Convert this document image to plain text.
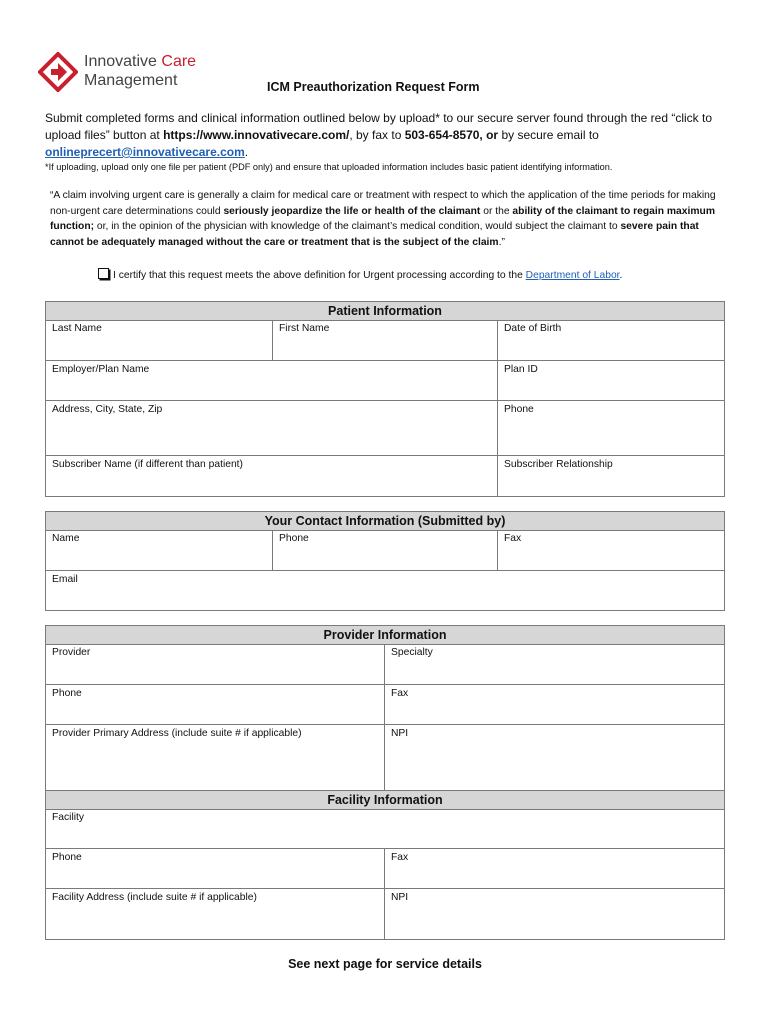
Innovative Care
Management	ICM Preauthorization Request Form
Submit completed forms and clinical information outlined below by upload* to our secure server found through the red “click to upload files” button at https://www.innovativecare.com/, by fax to 503-654-8570, or by secure email to onlineprecert@innovativecare.com.
*If uploading, upload only one file per patient (PDF only) and ensure that uploaded information includes basic patient identifying information.
“A claim involving urgent care is generally a claim for medical care or treatment with respect to which the application of the time periods for making non-urgent care determinations could seriously jeopardize the life or health of the claimant or the ability of the claimant to regain maximum function; or, in the opinion of the physician with knowledge of the claimant’s medical condition, would subject the claimant to severe pain that cannot be adequately managed without the care or treatment that is the subject of the claim.”
I certify that this request meets the above definition for Urgent processing according to the Department of Labor.
Patient Information
Last Name	First Name	Date of Birth
Employer/Plan Name	Plan ID
Address, City, State, Zip	Phone
Subscriber Name (if different than patient)	Subscriber Relationship
Your Contact Information (Submitted by)
Name	Phone	Fax
Email
Provider Information
Provider	Specialty
Phone	Fax
Provider Primary Address (include suite # if applicable)	NPI
Facility Information
Facility
Phone	Fax
Facility Address (include suite # if applicable)	NPI
See next page for service details
